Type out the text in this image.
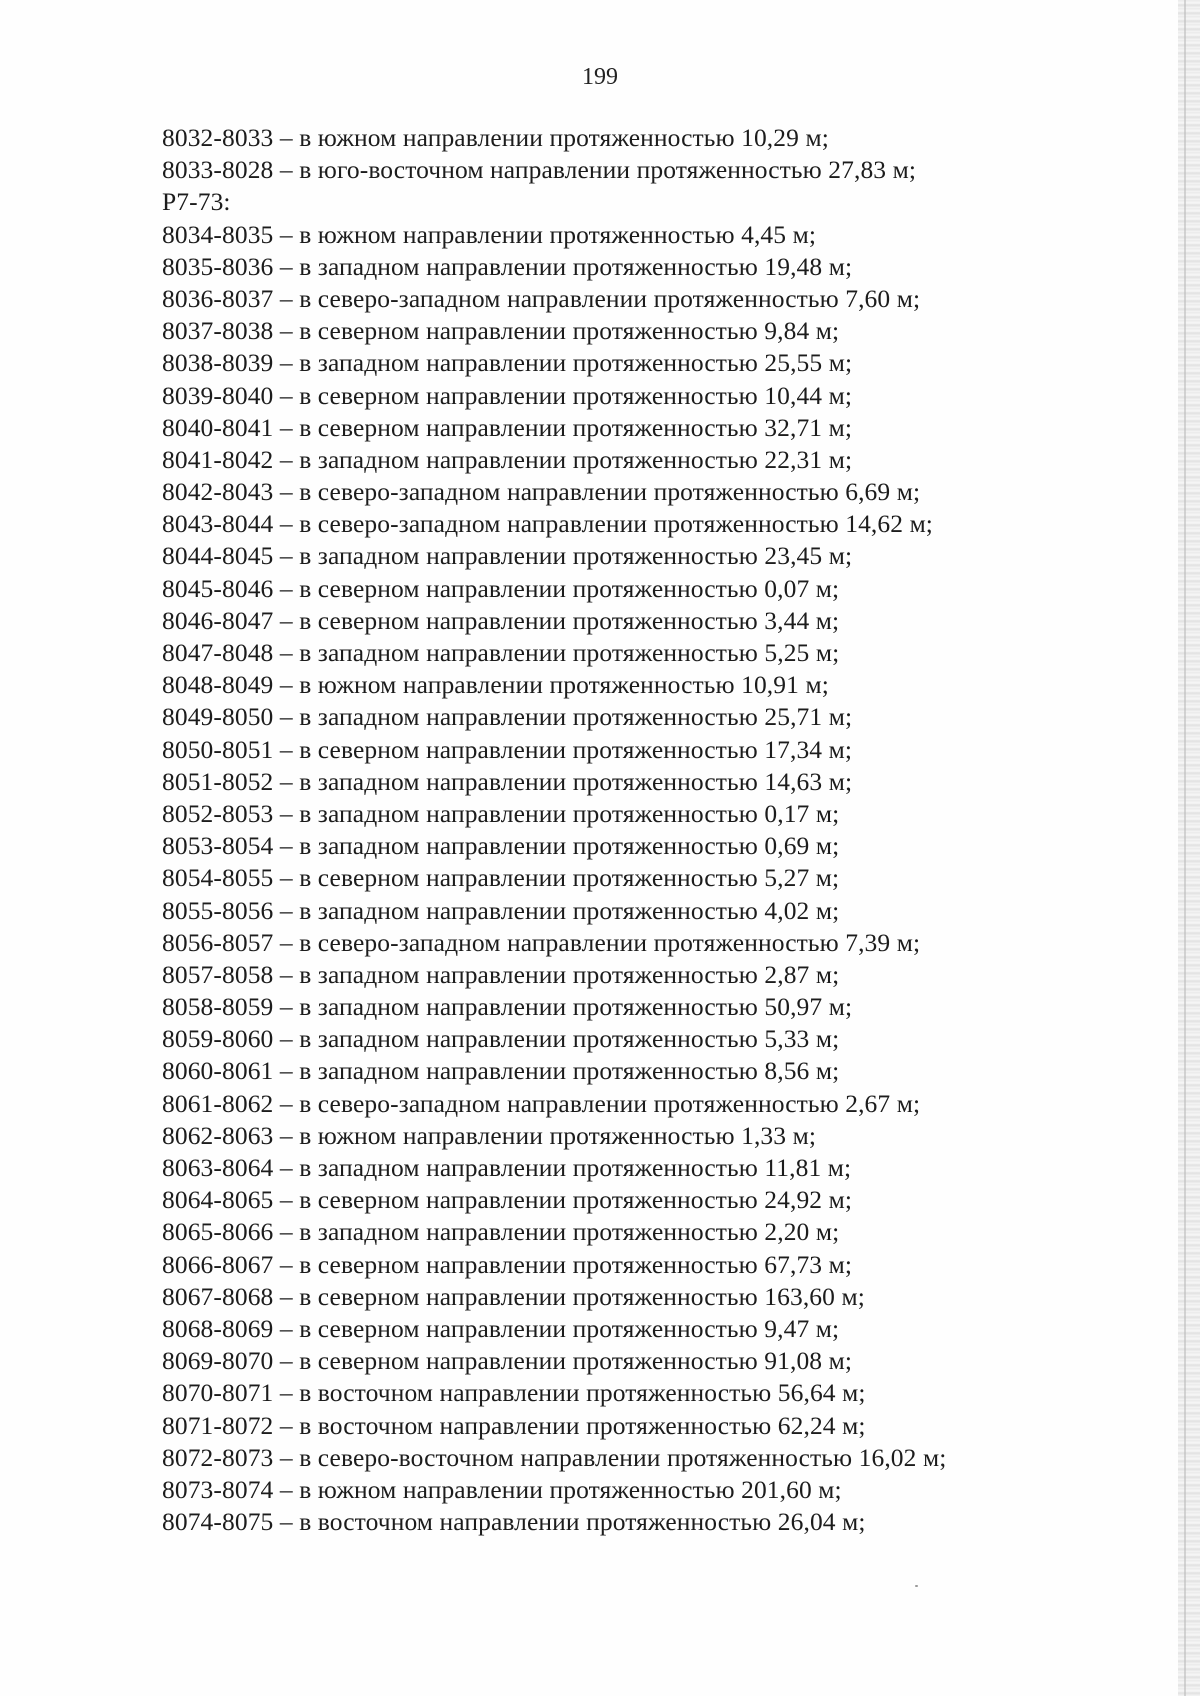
199
8032-8033 – в южном направлении протяженностью 10,29 м;
8033-8028 – в юго-восточном направлении протяженностью 27,83 м;
Р7-73:
8034-8035 – в южном направлении протяженностью 4,45 м;
8035-8036 – в западном направлении протяженностью 19,48 м;
8036-8037 – в северо-западном направлении протяженностью 7,60 м;
8037-8038 – в северном направлении протяженностью 9,84 м;
8038-8039 – в западном направлении протяженностью 25,55 м;
8039-8040 – в северном направлении протяженностью 10,44 м;
8040-8041 – в северном направлении протяженностью 32,71 м;
8041-8042 – в западном направлении протяженностью 22,31 м;
8042-8043 – в северо-западном направлении протяженностью 6,69 м;
8043-8044 – в северо-западном направлении протяженностью 14,62 м;
8044-8045 – в западном направлении протяженностью 23,45 м;
8045-8046 – в северном направлении протяженностью 0,07 м;
8046-8047 – в северном направлении протяженностью 3,44 м;
8047-8048 – в западном направлении протяженностью 5,25 м;
8048-8049 – в южном направлении протяженностью 10,91 м;
8049-8050 – в западном направлении протяженностью 25,71 м;
8050-8051 – в северном направлении протяженностью 17,34 м;
8051-8052 – в западном направлении протяженностью 14,63 м;
8052-8053 – в западном направлении протяженностью 0,17 м;
8053-8054 – в западном направлении протяженностью 0,69 м;
8054-8055 – в северном направлении протяженностью 5,27 м;
8055-8056 – в западном направлении протяженностью 4,02 м;
8056-8057 – в северо-западном направлении протяженностью 7,39 м;
8057-8058 – в западном направлении протяженностью 2,87 м;
8058-8059 – в западном направлении протяженностью 50,97 м;
8059-8060 – в западном направлении протяженностью 5,33 м;
8060-8061 – в западном направлении протяженностью 8,56 м;
8061-8062 – в северо-западном направлении протяженностью 2,67 м;
8062-8063 – в южном направлении протяженностью 1,33 м;
8063-8064 – в западном направлении протяженностью 11,81 м;
8064-8065 – в северном направлении протяженностью 24,92 м;
8065-8066 – в западном направлении протяженностью 2,20 м;
8066-8067 – в северном направлении протяженностью 67,73 м;
8067-8068 – в северном направлении протяженностью 163,60 м;
8068-8069 – в северном направлении протяженностью 9,47 м;
8069-8070 – в северном направлении протяженностью 91,08 м;
8070-8071 – в восточном направлении протяженностью 56,64 м;
8071-8072 – в восточном направлении протяженностью 62,24 м;
8072-8073 – в северо-восточном направлении протяженностью 16,02 м;
8073-8074 – в южном направлении протяженностью 201,60 м;
8074-8075 – в восточном направлении протяженностью 26,04 м;
